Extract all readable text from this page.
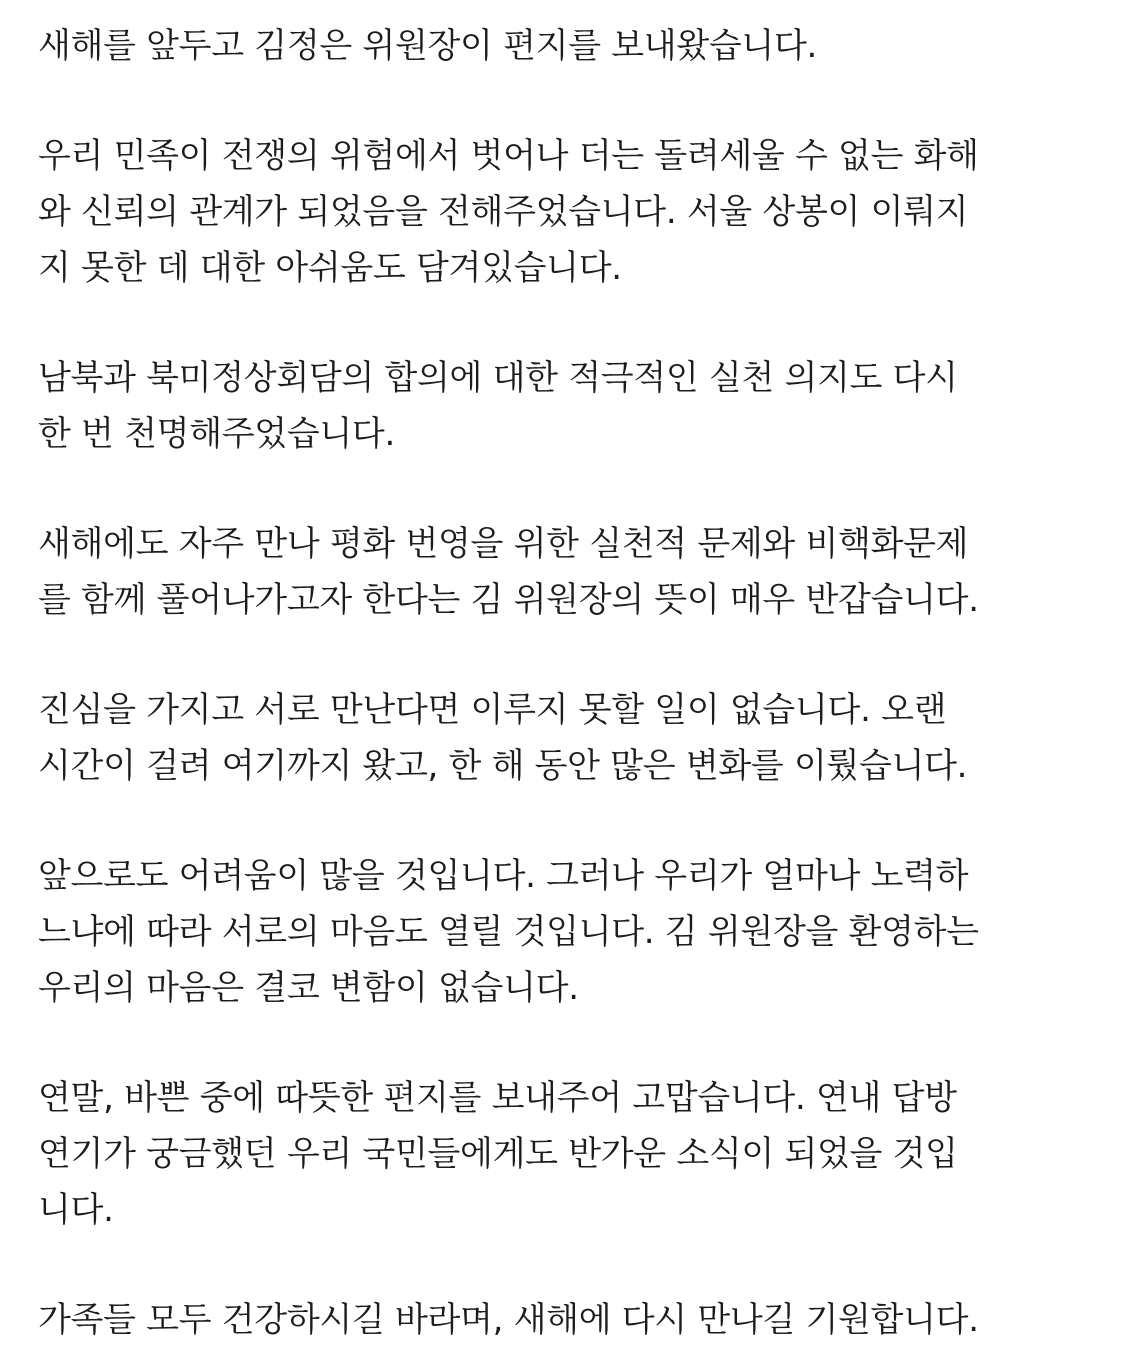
새해를 앞두고 김정은 위원장이 편지를 보내왔습니다.

우리 민족이 전쟁의 위험에서 벗어나 더는 돌려세울 수 없는 화해
와 신뢰의 관계가 되었음을 전해주었습니다. 서울 상봉이 이뤄지
지 못한 데 대한 아쉬움도 담겨있습니다.

남북과 북미정상회담의 합의에 대한 적극적인 실천 의지도 다시
한 번 천명해주었습니다.

새해에도 자주 만나 평화 번영을 위한 실천적 문제와 비핵화문제
를 함께 풀어나가고자 한다는 김 위원장의 뜻이 매우 반갑습니다.

진심을 가지고 서로 만난다면 이루지 못할 일이 없습니다. 오랜
시간이 걸려 여기까지 왔고, 한 해 동안 많은 변화를 이뤘습니다.

앞으로도 어려움이 많을 것입니다. 그러나 우리가 얼마나 노력하
느냐에 따라 서로의 마음도 열릴 것입니다. 김 위원장을 환영하는
우리의 마음은 결코 변함이 없습니다.

연말, 바쁜 중에 따뜻한 편지를 보내주어 고맙습니다. 연내 답방
연기가 궁금했던 우리 국민들에게도 반가운 소식이 되었을 것입
니다.

가족들 모두 건강하시길 바라며, 새해에 다시 만나길 기원합니다.
